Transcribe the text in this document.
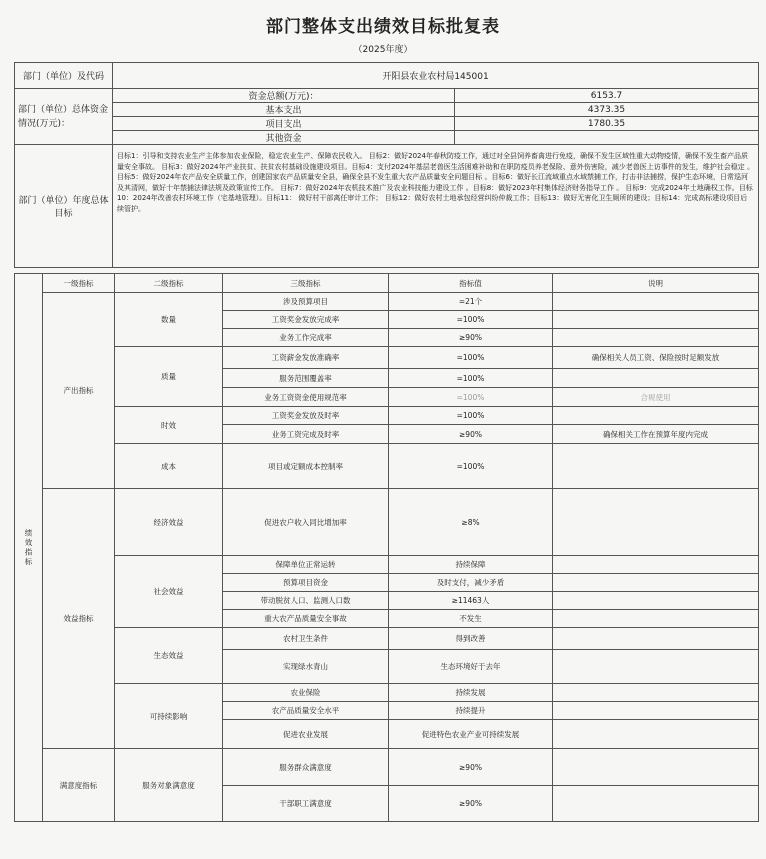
部门整体支出绩效目标批复表
（2025年度）
部门（单位）及代码	开阳县农业农村局145001	
部门（单位）总体资金 情况(万元)：	资金总额(万元)：	6153.7
	基本支出	4373.35
	项目支出	1780.35
	其他资金	
部门（单位）年度总体目标	目标1：引导和支持农业生产主体参加农业保险，稳定农业生产、保障农民收入。 目标2：做好2024年春秋防疫工作，通过对全县饲养畜禽进行免疫，确保不发生区域性重大动物疫情，确保不发生畜产品质量安全事故。 目标3：做好2024年产业扶贫、扶贫农村基础设施建设项目。目标4：支付2024年基层老兽医生活困难补助和在职防疫员养老保险、意外伤害险，减少老兽医上访事件的发生，维护社会稳定 。目标5：做好2024年农产品安全质量工作，创建国家农产品质量安全县，确保全县不发生重大农产品质量安全问题目标 。目标6：做好长江流域重点水域禁捕工作，打击非法捕捞，保护生态环境，日常巡河及其清网，做好十年禁捕法律法规及政策宣传工作。 目标7：做好2024年农机技术推广及农业科技能力建设工作 。目标8：做好2023年村集体经济财务指导工作 。 目标9：完成2024年土地确权工作。目标10：2024年改善农村环境工作（宅基地管理）。目标11： 做好村干部离任审计工作； 目标12：做好农村土地承包经营纠纷仲裁工作；目标13：做好无害化卫生厕所的建设；目标14：完成高标建设项目后续管护。	
绩效指标	一级指标	二级指标	三级指标	指标值	说明
	产出指标	数量	涉及预算项目	=21个	
			工资奖金发放完成率	=100%	
			业务工作完成率	≥90%	
		质量	工资薪金发放准确率	=100%	确保相关人员工资、保险按时足额发放
			服务范围覆盖率	=100%	
			业务工资资金使用规范率	=100%	合规使用
		时效	工资奖金发放及时率	=100%	
			业务工资完成及时率	≥90%	确保相关工作在预算年度内完成
		成本	项目或定额成本控制率	=100%	
	效益指标	经济效益	促进农户收入同比增加率	≥8%	
		社会效益	保障单位正常运转	持续保障	
			预算项目资金	及时支付，减少矛盾	
			带动脱贫人口、监测人口数	≥11463人	
			重大农产品质量安全事故	不发生	
		生态效益	农村卫生条件	得到改善	
			实现绿水青山	生态环境好于去年	
		可持续影响	农业保险	持续发展	
			农产品质量安全水平	持续提升	
			促进农业发展	促进特色农业产业可持续发展	
	满意度指标	服务对象满意度	服务群众满意度	≥90%	
			干部职工满意度	≥90%	
